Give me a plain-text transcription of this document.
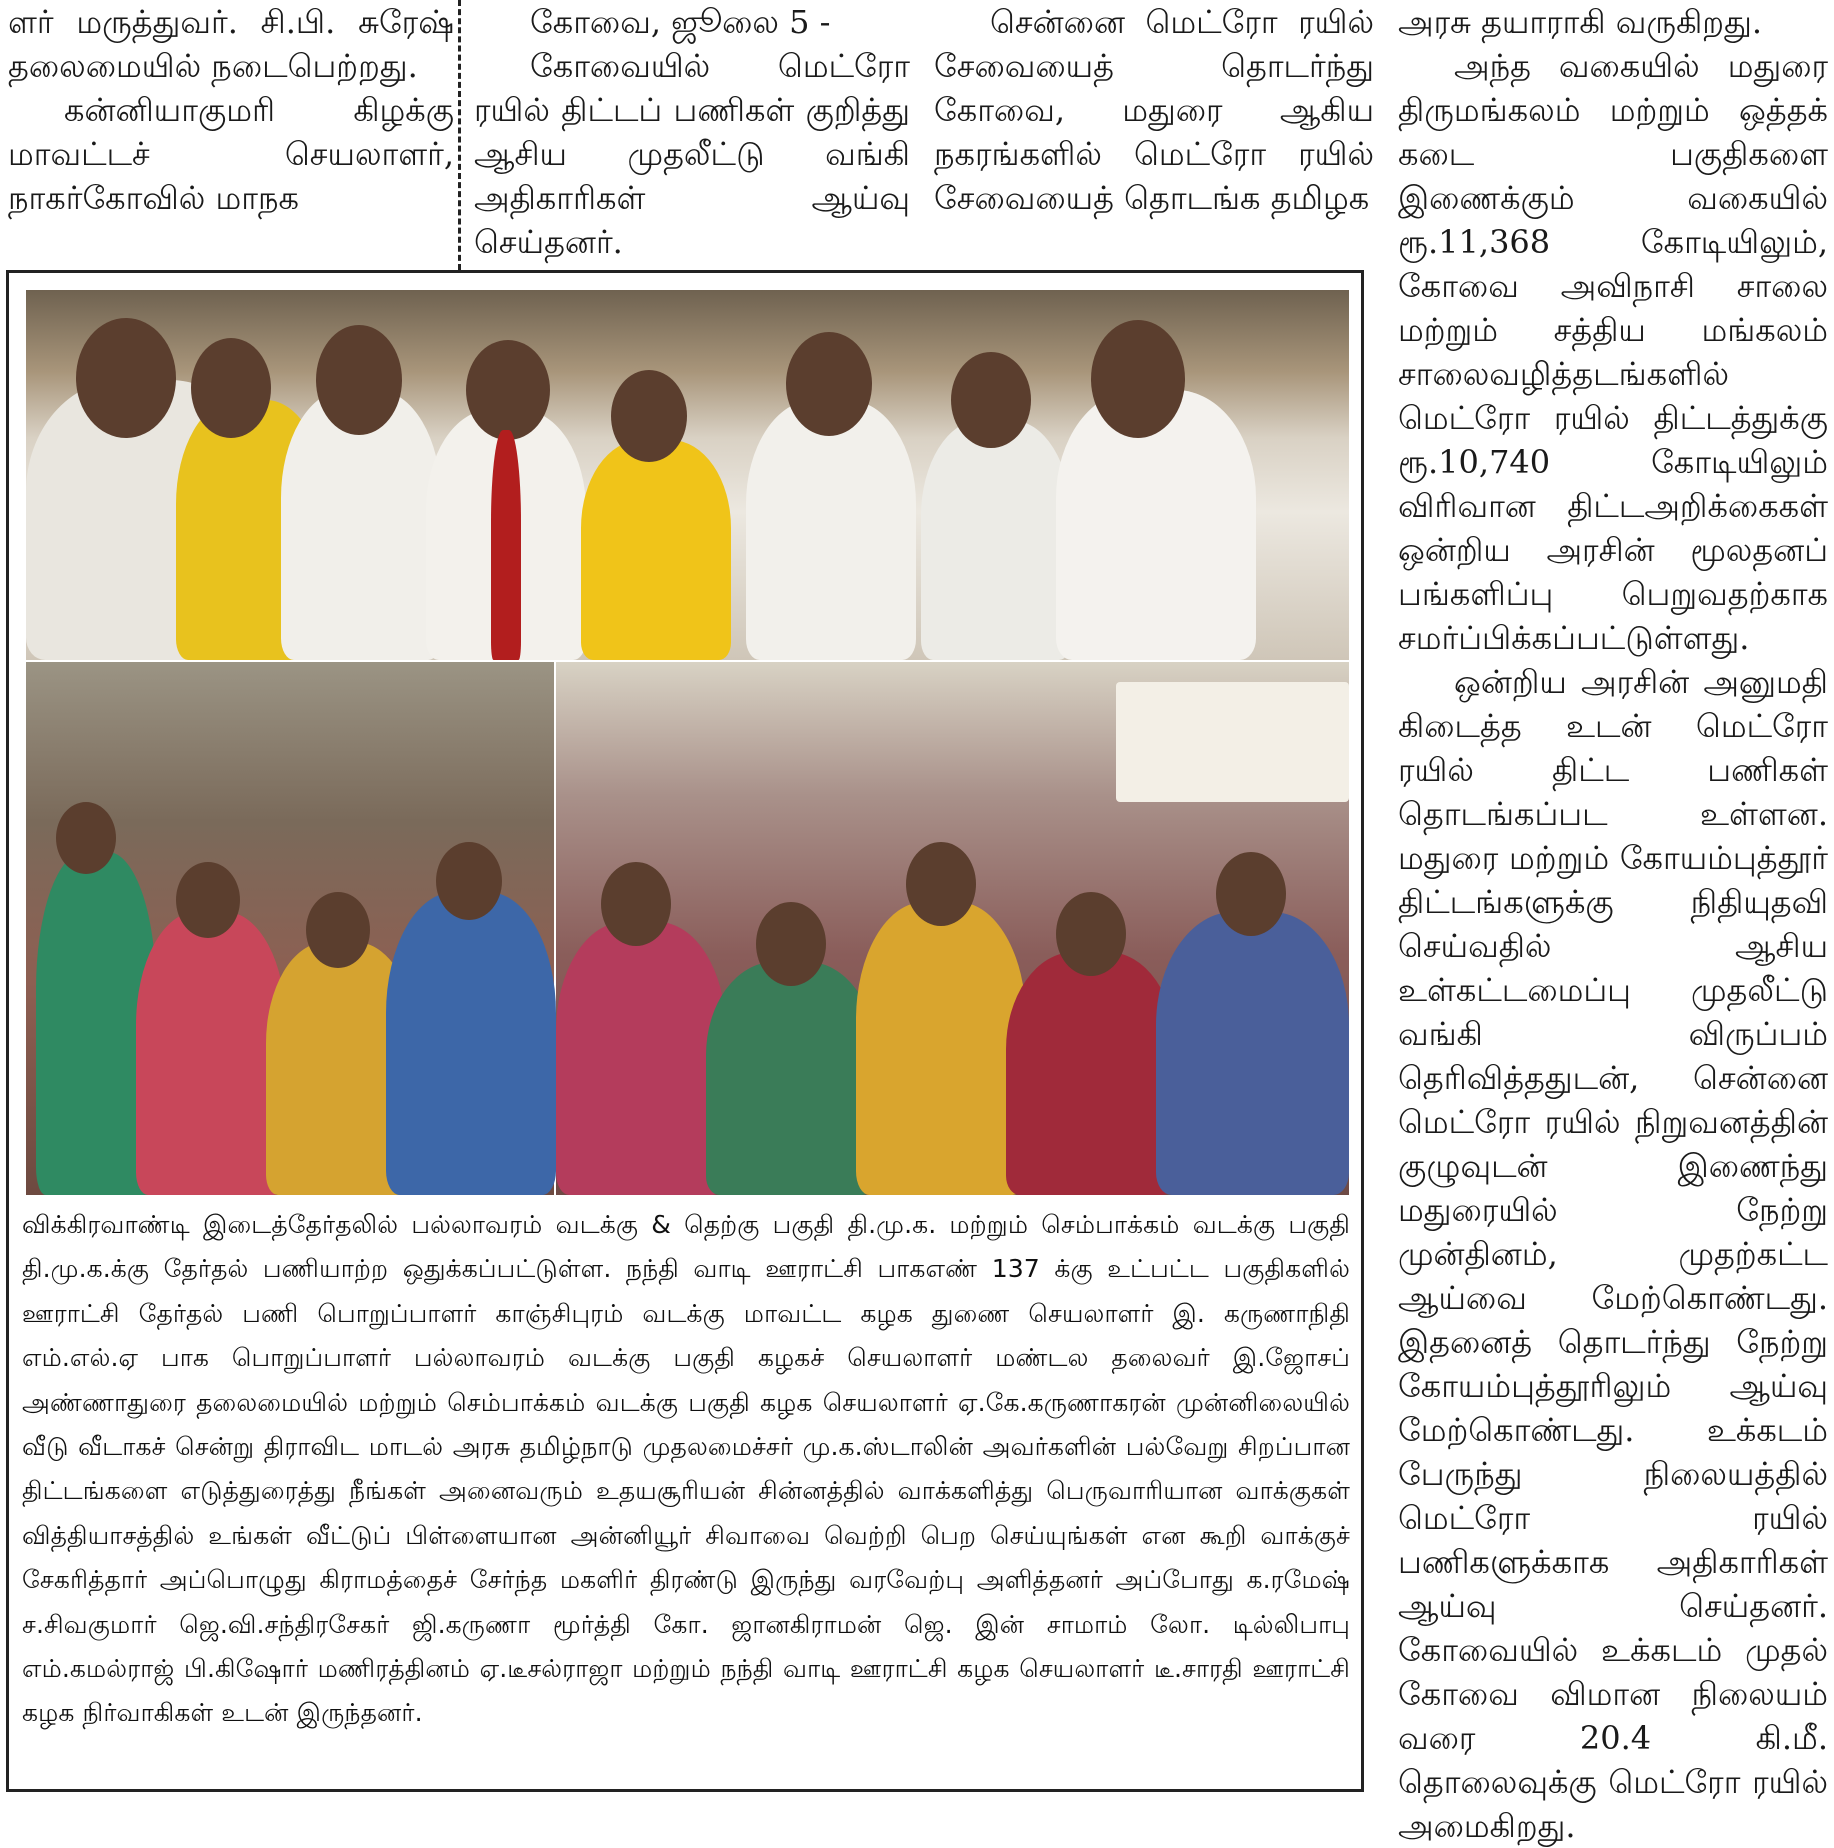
ளர் மருத்துவர். சி.பி. சுரேஷ் தலைமையில் நடைபெற்றது.

கன்னியாகுமரி கிழக்கு மாவட்டச் செயலாளர், நாகர்கோவில் மாநக

கோவை, ஜூலை 5 -

கோவையில் மெட்ரோ ரயில் திட்டப் பணிகள் குறித்து ஆசிய முதலீட்டு வங்கி அதிகாரிகள் ஆய்வு செய்தனர்.

சென்னை மெட்ரோ ரயில் சேவையைத் தொடர்ந்து கோவை, மதுரை ஆகிய நகரங்களில் மெட்ரோ ரயில் சேவையைத் தொடங்க தமிழக

அரசு தயாராகி வருகிறது.

அந்த வகையில் மதுரை திருமங்கலம் மற்றும் ஒத்தக் கடை பகுதிகளை இணைக்கும் வகையில் ரூ.11,368 கோடியிலும், கோவை அவிநாசி சாலை மற்றும் சத்திய மங்கலம் சாலைவழித்தடங்களில் மெட்ரோ ரயில் திட்டத்துக்கு ரூ.10,740 கோடியிலும் விரிவான திட்டஅறிக்கைகள் ஒன்றிய அரசின் மூலதனப் பங்களிப்பு பெறுவதற்காக சமர்ப்பிக்கப்பட்டுள்ளது.

ஒன்றிய அரசின் அனுமதி கிடைத்த உடன் மெட்ரோ ரயில் திட்ட பணிகள் தொடங்கப்பட உள்ளன. மதுரை மற்றும் கோயம்புத்தூர் திட்டங்களுக்கு நிதியுதவி செய்வதில் ஆசிய உள்கட்டமைப்பு முதலீட்டு வங்கி விருப்பம் தெரிவித்ததுடன், சென்னை மெட்ரோ ரயில் நிறுவனத்தின் குழுவுடன் இணைந்து மதுரையில் நேற்று முன்தினம், முதற்கட்ட ஆய்வை மேற்கொண்டது. இதனைத் தொடர்ந்து நேற்று கோயம்புத்தூரிலும் ஆய்வு மேற்கொண்டது. உக்கடம் பேருந்து நிலையத்தில் மெட்ரோ ரயில் பணிகளுக்காக அதிகாரிகள் ஆய்வு செய்தனர். கோவையில் உக்கடம் முதல் கோவை விமான நிலையம் வரை 20.4 கி.மீ. தொலைவுக்கு மெட்ரோ ரயில் அமைகிறது.

விக்கிரவாண்டி இடைத்தேர்தலில் பல்லாவரம் வடக்கு & தெற்கு பகுதி தி.மு.க. மற்றும் செம்பாக்கம் வடக்கு பகுதி தி.மு.க.க்கு தேர்தல் பணியாற்ற ஒதுக்கப்பட்டுள்ள. நந்தி வாடி ஊராட்சி பாகஎண் 137 க்கு உட்பட்ட பகுதிகளில் ஊராட்சி தேர்தல் பணி பொறுப்பாளர் காஞ்சிபுரம் வடக்கு மாவட்ட கழக துணை செயலாளர் இ. கருணாநிதி எம்.எல்.ஏ பாக பொறுப்பாளர் பல்லாவரம் வடக்கு பகுதி கழகச் செயலாளர் மண்டல தலைவர் இ.ஜோசப் அண்ணாதுரை தலைமையில் மற்றும் செம்பாக்கம் வடக்கு பகுதி கழக செயலாளர் ஏ.கே.கருணாகரன் முன்னிலையில் வீடு வீடாகச் சென்று திராவிட மாடல் அரசு தமிழ்நாடு முதலமைச்சர் மு.க.ஸ்டாலின் அவர்களின் பல்வேறு சிறப்பான திட்டங்களை எடுத்துரைத்து நீங்கள் அனைவரும் உதயசூரியன் சின்னத்தில் வாக்களித்து பெருவாரியான வாக்குகள் வித்தியாசத்தில் உங்கள் வீட்டுப் பிள்ளையான அன்னியூர் சிவாவை வெற்றி பெற செய்யுங்கள் என கூறி வாக்குச் சேகரித்தார் அப்பொழுது கிராமத்தைச் சேர்ந்த மகளிர் திரண்டு இருந்து வரவேற்பு அளித்தனர் அப்போது க.ரமேஷ் ச.சிவகுமார் ஜெ.வி.சந்திரசேகர் ஜி.கருணா மூர்த்தி கோ. ஜானகிராமன் ஜெ. இன் சாமாம் லோ. டில்லிபாபு எம்.கமல்ராஜ் பி.கிஷோர் மணிரத்தினம் ஏ.டீசல்ராஜா மற்றும் நந்தி வாடி ஊராட்சி கழக செயலாளர் டீ.சாரதி ஊராட்சி கழக நிர்வாகிகள் உடன் இருந்தனர்.
